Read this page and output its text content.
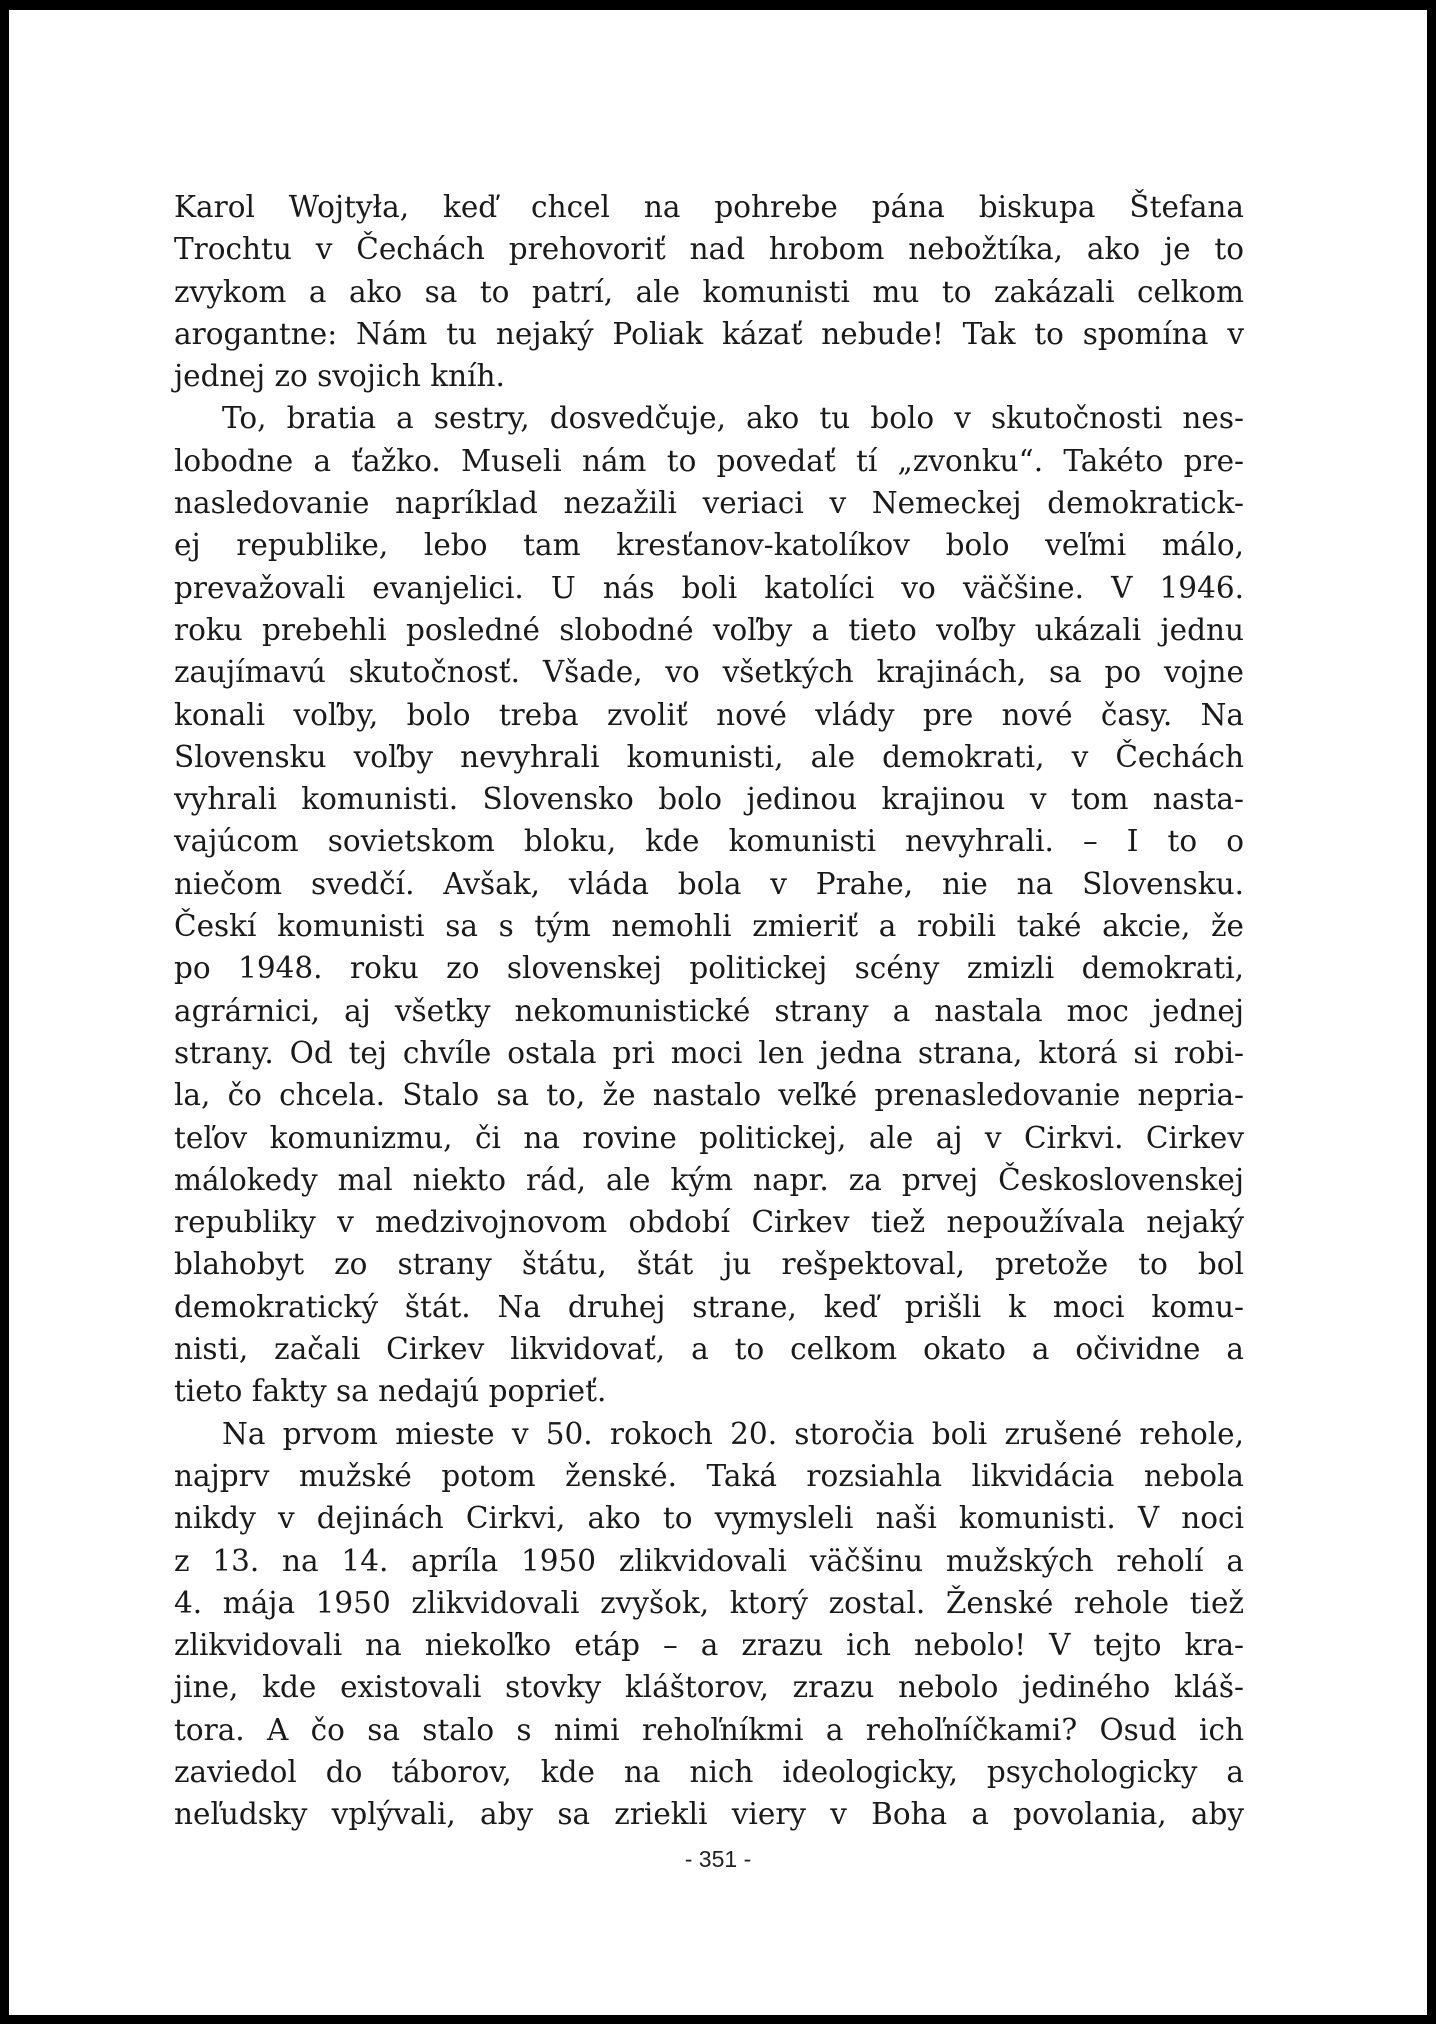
Karol Wojtyła, keď chcel na pohrebe pána biskupa Štefana
Trochtu v Čechách prehovoriť nad hrobom nebožtíka, ako je to
zvykom a ako sa to patrí, ale komunisti mu to zakázali celkom
arogantne: Nám tu nejaký Poliak kázať nebude! Tak to spomína v
jednej zo svojich kníh.
To, bratia a sestry, dosvedčuje, ako tu bolo v skutočnosti nes-
lobodne a ťažko. Museli nám to povedať tí „zvonku“. Takéto pre-
nasledovanie napríklad nezažili veriaci v Nemeckej demokratick-
ej republike, lebo tam kresťanov-katolíkov bolo veľmi málo,
prevažovali evanjelici. U nás boli katolíci vo väčšine. V 1946.
roku prebehli posledné slobodné voľby a tieto voľby ukázali jednu
zaujímavú skutočnosť. Všade, vo všetkých krajinách, sa po vojne
konali voľby, bolo treba zvoliť nové vlády pre nové časy. Na
Slovensku voľby nevyhrali komunisti, ale demokrati, v Čechách
vyhrali komunisti. Slovensko bolo jedinou krajinou v tom nasta-
vajúcom sovietskom bloku, kde komunisti nevyhrali. – I to o
niečom svedčí. Avšak, vláda bola v Prahe, nie na Slovensku.
Českí komunisti sa s tým nemohli zmieriť a robili také akcie, že
po 1948. roku zo slovenskej politickej scény zmizli demokrati,
agrárnici, aj všetky nekomunistické strany a nastala moc jednej
strany. Od tej chvíle ostala pri moci len jedna strana, ktorá si robi-
la, čo chcela. Stalo sa to, že nastalo veľké prenasledovanie nepria-
teľov komunizmu, či na rovine politickej, ale aj v Cirkvi. Cirkev
málokedy mal niekto rád, ale kým napr. za prvej Československej
republiky v medzivojnovom období Cirkev tiež nepoužívala nejaký
blahobyt zo strany štátu, štát ju rešpektoval, pretože to bol
demokratický štát. Na druhej strane, keď prišli k moci komu-
nisti, začali Cirkev likvidovať, a to celkom okato a očividne a
tieto fakty sa nedajú poprieť.
Na prvom mieste v 50. rokoch 20. storočia boli zrušené rehole,
najprv mužské potom ženské. Taká rozsiahla likvidácia nebola
nikdy v dejinách Cirkvi, ako to vymysleli naši komunisti. V noci
z 13. na 14. apríla 1950 zlikvidovali väčšinu mužských reholí a
4. mája 1950 zlikvidovali zvyšok, ktorý zostal. Ženské rehole tiež
zlikvidovali na niekoľko etáp – a zrazu ich nebolo! V tejto kra-
jine, kde existovali stovky kláštorov, zrazu nebolo jediného kláš-
tora. A čo sa stalo s nimi rehoľníkmi a rehoľníčkami? Osud ich
zaviedol do táborov, kde na nich ideologicky, psychologicky a
neľudsky vplývali, aby sa zriekli viery v Boha a povolania, aby
- 351 -
